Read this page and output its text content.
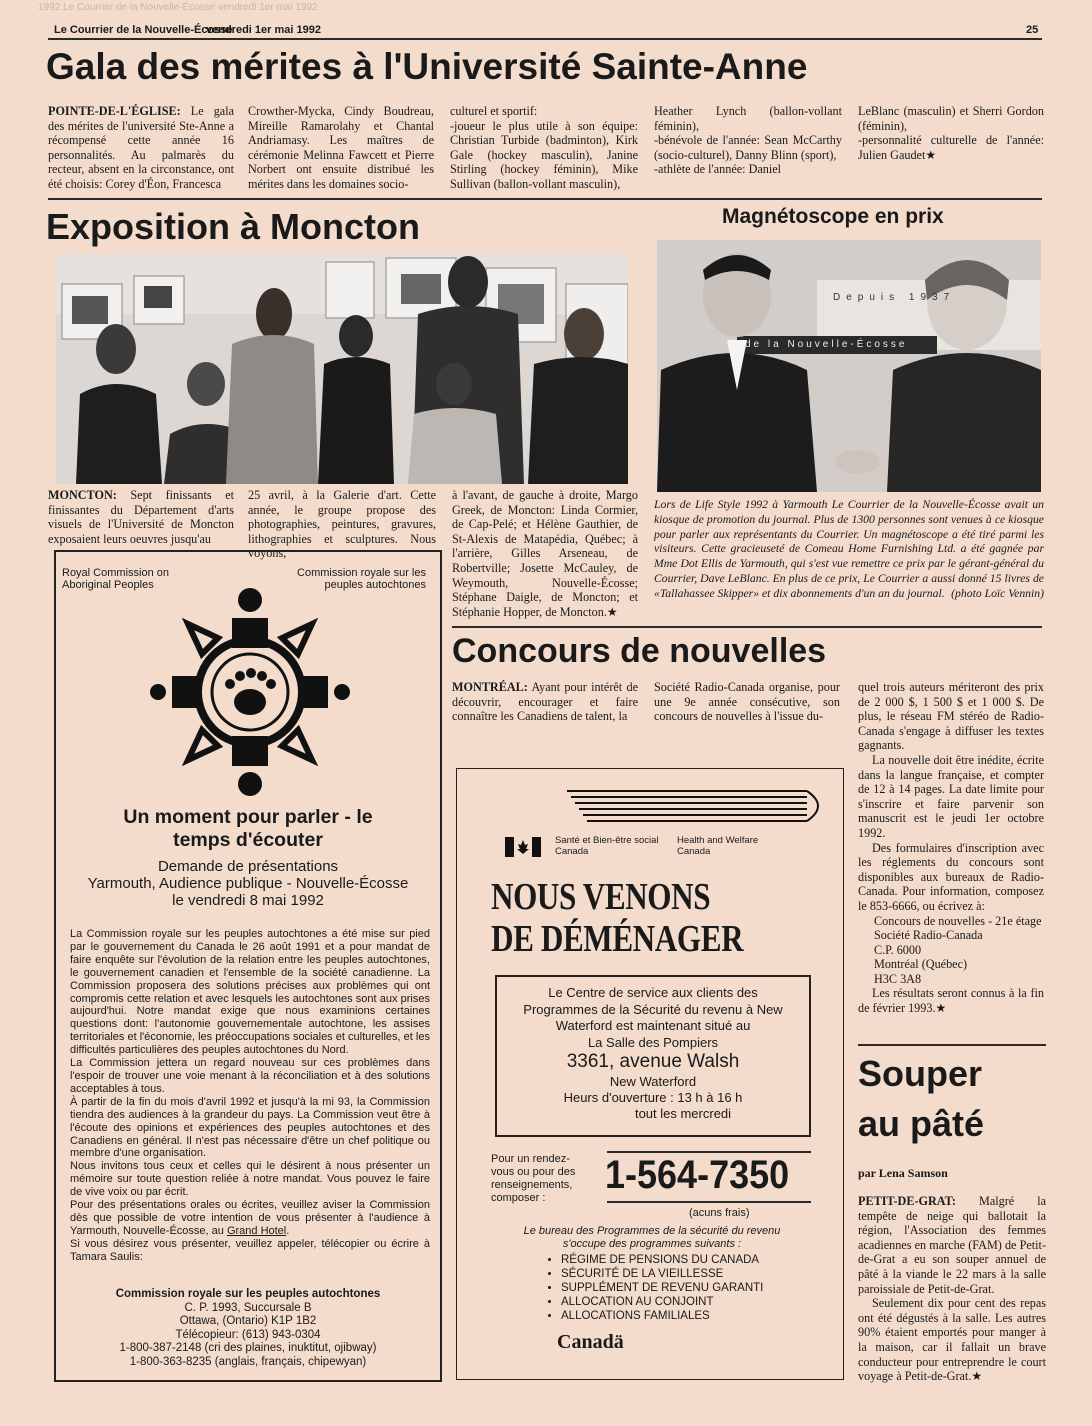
1992 Le Courrier de la Nouvelle-Écosse vendredi 1er mai 1992
Le Courrier de la Nouvelle-Écosse
vendredi 1er mai 1992	25
Gala des mérites à l'Université Sainte-Anne
POINTE-DE-L'ÉGLISE: Le gala des mérites de l'université Ste-Anne a récompensé cette année 16 personnalités. Au palmarès du recteur, absent en la circonstance, ont été choisis: Corey d'Éon, Francesca
Crowther-Mycka, Cindy Boudreau, Mireille Ramarolahy et Chantal Andriamasy. Les maîtres de cérémonie Melinna Fawcett et Pierre Norbert ont ensuite distribué les mérites dans les domaines socio-
culturel et sportif:
-joueur le plus utile à son équipe: Christian Turbide (badminton), Kirk Gale (hockey masculin), Janine Stirling (hockey féminin), Mike Sullivan (ballon-vollant masculin),
Heather Lynch (ballon-vollant féminin),
-bénévole de l'année: Sean McCarthy (socio-culturel), Danny Blinn (sport),
-athlète de l'année: Daniel
LeBlanc (masculin) et Sherri Gordon (féminin),
-personnalité culturelle de l'année: Julien Gaudet★
Exposition à Moncton
MONCTON: Sept finissants et finissantes du Département d'arts visuels de l'Université de Moncton exposaient leurs oeuvres jusqu'au
25 avril, à la Galerie d'art. Cette année, le groupe propose des photographies, peintures, gravures, lithographies et sculptures. Nous voyons,
à l'avant, de gauche à droite, Margo Greek, de Moncton: Linda Cormier, de Cap-Pelé; et Hélène Gauthier, de St-Alexis de Matapédia, Québec; à l'arrière, Gilles Arseneau, de Robertville; Josette McCauley, de Weymouth, Nouvelle-Écosse; Stéphane Daigle, de Moncton; et Stéphanie Hopper, de Moncton.★
Magnétoscope en prix
Depuis 1937
de la Nouvelle-Écosse
Lors de Life Style 1992 à Yarmouth Le Courrier de la Nouvelle-Écosse avait un kiosque de promotion du journal. Plus de 1300 personnes sont venues à ce kiosque pour parler aux représentants du Courrier. Un magnétoscope a été tiré parmi les visiteurs. Cette gracieuseté de Comeau Home Furnishing Ltd. a été gagnée par Mme Dot Ellis de Yarmouth, qui s'est vue remettre ce prix par le gérant-général du Courrier, Dave LeBlanc. En plus de ce prix, Le Courrier a aussi donné 15 livres de «Tallahassee Skipper» et dix abonnements d'un an du journal. (photo Loïc Vennin)
Royal Commission on Aboriginal Peoples
Commission royale sur les peuples autochtones
Un moment pour parler - le temps d'écouter
Demande de présentations
Yarmouth, Audience publique - Nouvelle-Écosse
le vendredi 8 mai 1992

La Commission royale sur les peuples autochtones a été mise sur pied par le gouvernement du Canada le 26 août 1991 et a pour mandat de faire enquête sur l'évolution de la relation entre les peuples autochtones, le gouvernement canadien et l'ensemble de la société canadienne. La Commission proposera des solutions précises aux problèmes qui ont compromis cette relation et avec lesquels les autochtones sont aux prises aujourd'hui. Notre mandat exige que nous examinions certaines questions dont: l'autonomie gouvernementale autochtone, les assises territoriales et l'économie, les préoccupations sociales et culturelles, et les difficultés particulières des peuples autochtones du Nord.

La Commission jettera un regard nouveau sur ces problèmes dans l'espoir de trouver une voie menant à la réconciliation et à des solutions acceptables à tous.

À partir de la fin du mois d'avril 1992 et jusqu'à la mi 93, la Commission tiendra des audiences à la grandeur du pays. La Commission veut être à l'écoute des opinions et expériences des peuples autochtones et des Canadiens en général. Il n'est pas nécessaire d'être un chef politique ou membre d'une organisation.

Nous invitons tous ceux et celles qui le désirent à nous présenter un mémoire sur toute question reliée à notre mandat. Vous pouvez le faire de vive voix ou par écrit.

Pour des présentations orales ou écrites, veuillez aviser la Commission dès que possible de votre intention de vous présenter à l'audience à Yarmouth, Nouvelle-Écosse, au Grand Hotel.

Si vous désirez vous présenter, veuillez appeler, télécopier ou écrire à Tamara Saulis:

Commission royale sur les peuples autochtones
C. P. 1993, Succursale B
Ottawa, (Ontario) K1P 1B2
Télécopieur: (613) 943-0304
1-800-387-2148 (cri des plaines, inuktitut, ojibway)
1-800-363-8235 (anglais, français, chipewyan)
Concours de nouvelles
MONTRÉAL: Ayant pour intérêt de découvrir, encourager et faire connaître les Canadiens de talent, la
Société Radio-Canada organise, pour une 9e année consécutive, son concours de nouvelles à l'issue du-

quel trois auteurs mériteront des prix de 2 000 $, 1 500 $ et 1 000 $. De plus, le réseau FM stéréo de Radio-Canada s'engage à diffuser les textes gagnants.

La nouvelle doit être inédite, écrite dans la langue française, et compter de 12 à 14 pages. La date limite pour s'inscrire et faire parvenir son manuscrit est le jeudi 1er octobre 1992.

Des formulaires d'inscription avec les réglements du concours sont disponibles aux bureaux de Radio-Canada. Pour information, composez le 853-6666, ou écrivez à:

Concours de nouvelles - 21e étage
Société Radio-Canada
C.P. 6000
Montréal (Québec)
H3C 3A8

Les résultats seront connus à la fin de février 1993.★

Santé et Bien-être social Canada
Health and Welfare Canada
NOUS VENONS
DE DÉMÉNAGER
Le Centre de service aux clients des Programmes de la Sécurité du revenu à New Waterford est maintenant situé au
La Salle des Pompiers
3361, avenue Walsh
New Waterford
Heurs d'ouverture : 13 h à 16 h
tout les mercredi
Pour un rendez-vous ou pour des renseignements, composer :
1-564-7350
(acuns frais)
Le bureau des Programmes de la sécurité du revenu s'occupe des programmes suivants :
• RÉGIME DE PENSIONS DU CANADA
• SÉCURITÉ DE LA VIEILLESSE
• SUPPLÉMENT DE REVENU GARANTI
• ALLOCATION AU CONJOINT
• ALLOCATIONS FAMILIALES
Canadä
Souper
au pâté
par Lena Samson

PETIT-DE-GRAT: Malgré la tempête de neige qui ballotait la région, l'Association des femmes acadiennes en marche (FAM) de Petit-de-Grat a eu son souper annuel de pâté à la viande le 22 mars à la salle paroissiale de Petit-de-Grat.

Seulement dix pour cent des repas ont été dégustés à la salle. Les autres 90% étaient emportés pour manger à la maison, car il fallait un brave conducteur pour entreprendre le court voyage à Petit-de-Grat.★
